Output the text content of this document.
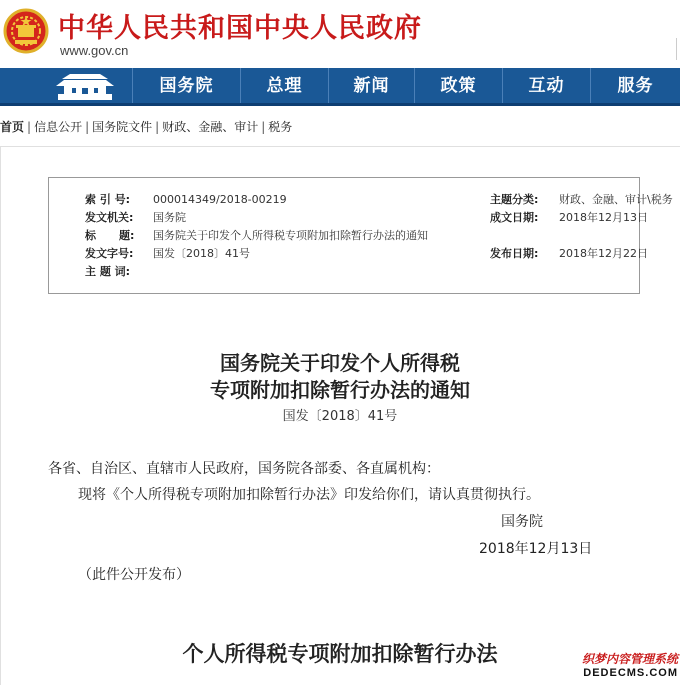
中华人民共和国中央人民政府
www.gov.cn
国务院	总理	新闻	政策	互动	服务
首页 | 信息公开 | 国务院文件 | 财政、金融、审计 | 税务
索 引 号: 000014349/2018-00219	主题分类: 财政、金融、审计\税务
发文机关: 国务院	成文日期: 2018年12月13日
标      题: 国务院关于印发个人所得税专项附加扣除暂行办法的通知
发文字号: 国发〔2018〕41号	发布日期: 2018年12月22日
主 题 词:
国务院关于印发个人所得税
专项附加扣除暂行办法的通知
国发〔2018〕41号
各省、自治区、直辖市人民政府，国务院各部委、各直属机构：
现将《个人所得税专项附加扣除暂行办法》印发给你们，请认真贯彻执行。
国务院
2018年12月13日
（此件公开发布）
个人所得税专项附加扣除暂行办法	织梦内容管理系统
DEDECMS.COM
